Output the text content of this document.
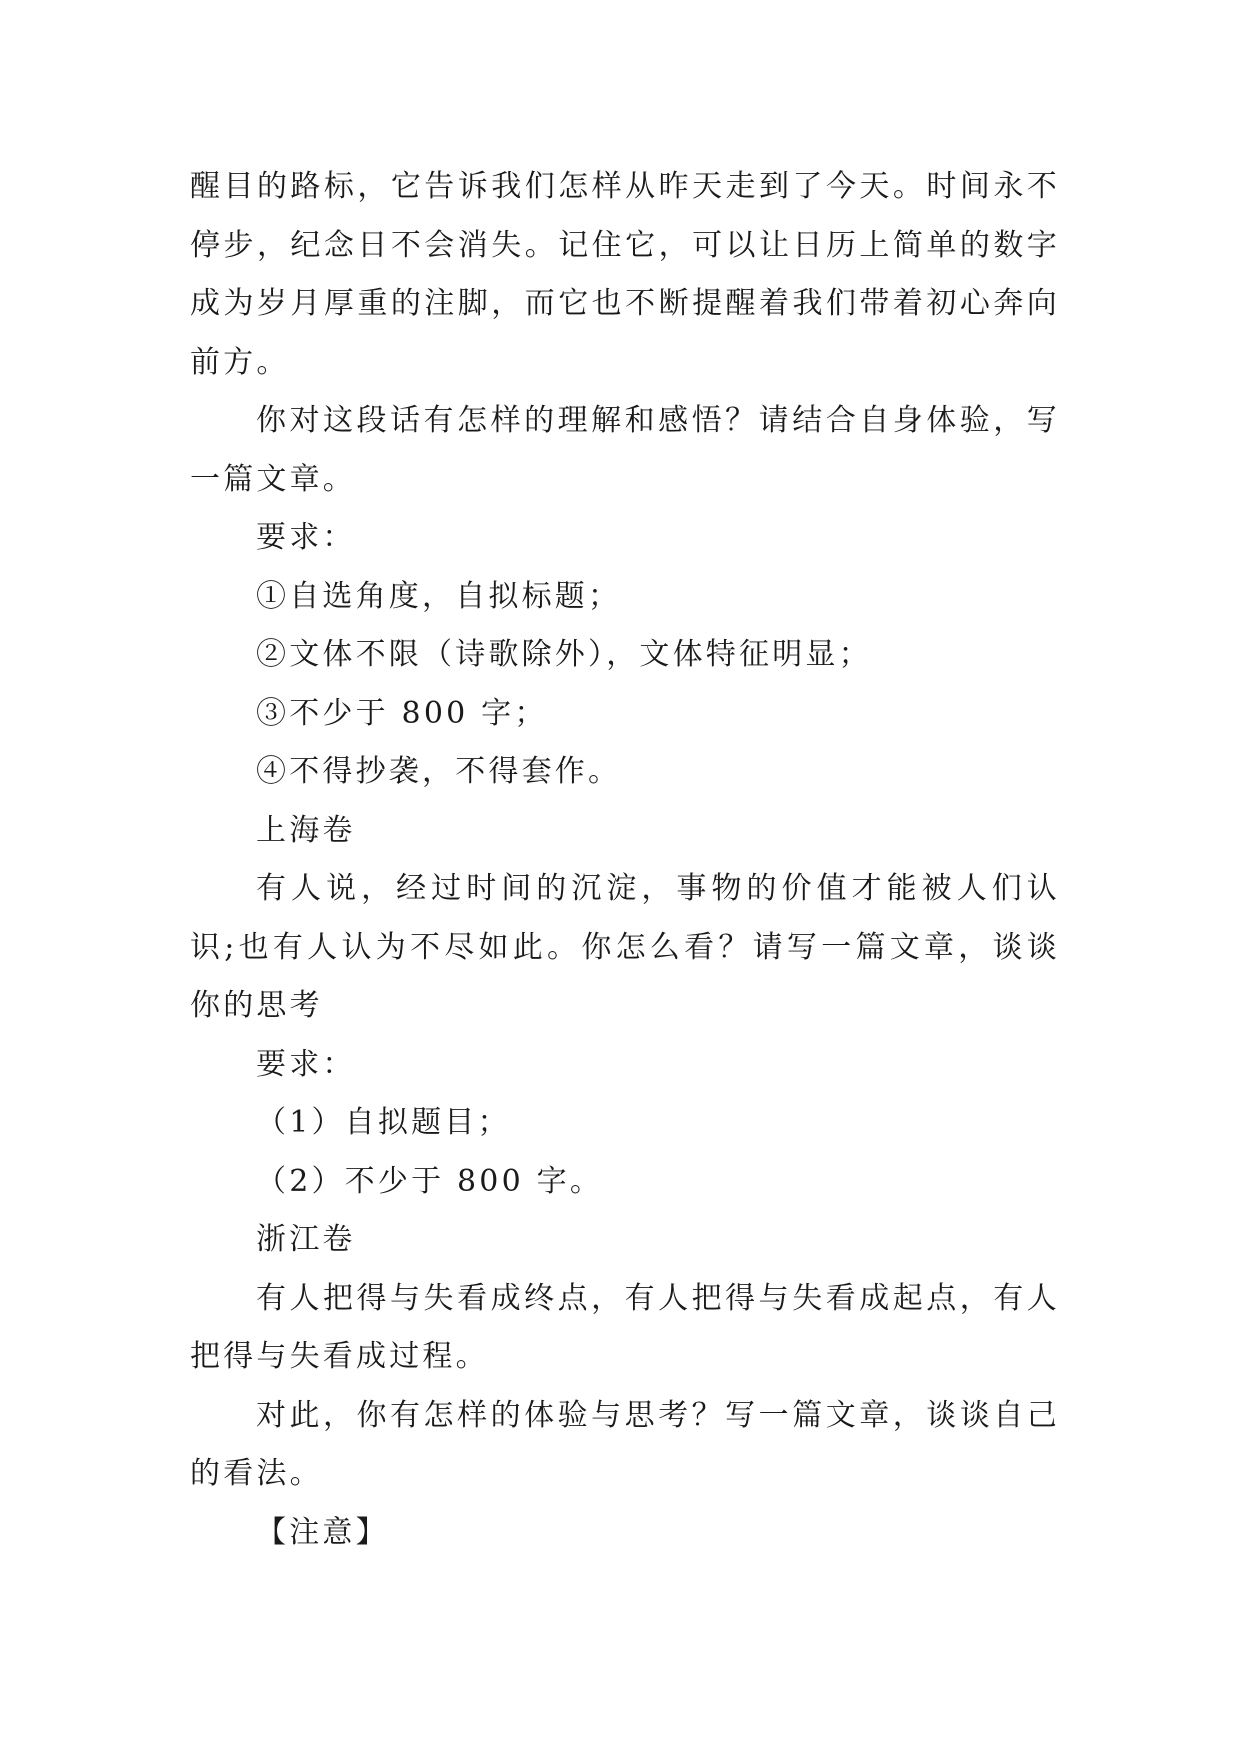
醒目的路标，它告诉我们怎样从昨天走到了今天。时间永不停步，纪念日不会消失。记住它，可以让日历上简单的数字成为岁月厚重的注脚，而它也不断提醒着我们带着初心奔向前方。

你对这段话有怎样的理解和感悟？请结合自身体验，写一篇文章。

要求：

①自选角度，自拟标题；

②文体不限（诗歌除外），文体特征明显；

③不少于 800 字；

④不得抄袭，不得套作。

上海卷

有人说，经过时间的沉淀，事物的价值才能被人们认识;也有人认为不尽如此。你怎么看？请写一篇文章，谈谈你的思考

要求：

（1）自拟题目；

（2）不少于 800 字。

浙江卷

有人把得与失看成终点，有人把得与失看成起点，有人把得与失看成过程。

对此，你有怎样的体验与思考？写一篇文章，谈谈自己的看法。

【注意】
